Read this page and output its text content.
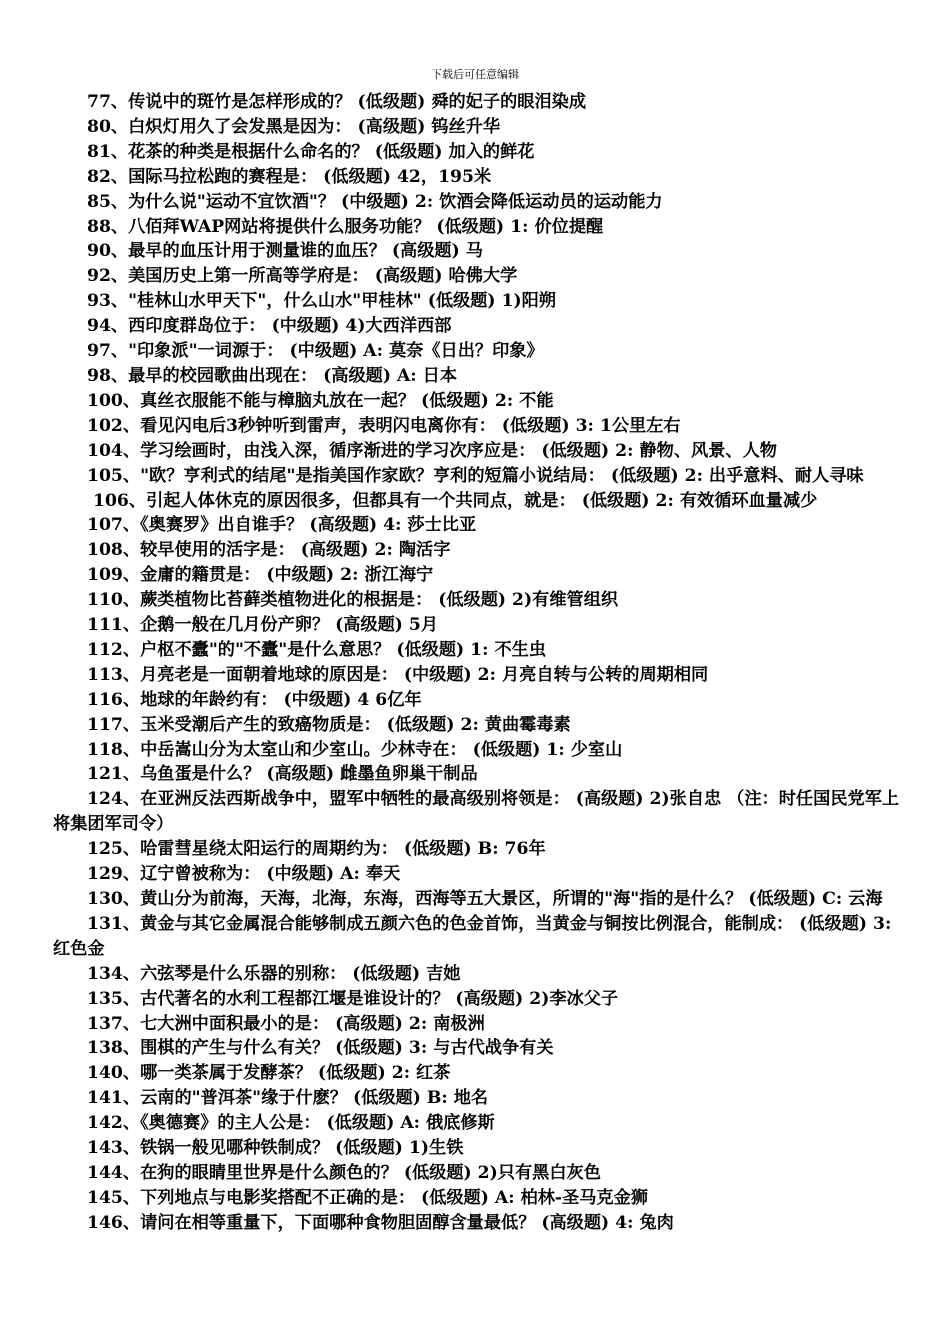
下载后可任意编辑

77、传说中的斑竹是怎样形成的？ (低级题) 舜的妃子的眼泪染成

80、白炽灯用久了会发黑是因为： (高级题) 钨丝升华

81、花茶的种类是根据什么命名的？ (低级题) 加入的鲜花

82、国际马拉松跑的赛程是： (低级题) 42，195米

85、为什么说"运动不宜饮酒"？ (中级题) 2: 饮酒会降低运动员的运动能力

88、八佰拜WAP网站将提供什么服务功能？ (低级题) 1: 价位提醒

90、最早的血压计用于测量谁的血压？ (高级题) 马

92、美国历史上第一所高等学府是： (高级题) 哈佛大学

93、"桂林山水甲天下"，什么山水"甲桂林" (低级题) 1)阳朔

94、西印度群岛位于： (中级题) 4)大西洋西部

97、"印象派"一词源于： (中级题) A: 莫奈《日出？印象》

98、最早的校园歌曲出现在： (高级题) A: 日本

100、真丝衣服能不能与樟脑丸放在一起？ (低级题) 2: 不能

102、看见闪电后3秒钟听到雷声，表明闪电离你有： (低级题) 3: 1公里左右

104、学习绘画时，由浅入深，循序渐进的学习次序应是： (低级题) 2: 静物、风景、人物

105、"欧？亨利式的结尾"是指美国作家欧？亨利的短篇小说结局： (低级题) 2: 出乎意料、耐人寻味

106、引起人体休克的原因很多，但都具有一个共同点，就是： (低级题) 2: 有效循环血量减少

107、《奥赛罗》出自谁手？ (高级题) 4: 莎士比亚

108、较早使用的活字是： (高级题) 2: 陶活字

109、金庸的籍贯是： (中级题) 2: 浙江海宁

110、蕨类植物比苔藓类植物进化的根据是： (低级题) 2)有维管组织

111、企鹅一般在几月份产卵？ (高级题) 5月

112、户枢不蠹"的"不蠹"是什么意思？ (低级题) 1: 不生虫

113、月亮老是一面朝着地球的原因是： (中级题) 2: 月亮自转与公转的周期相同

116、地球的年龄约有： (中级题) 4 6亿年

117、玉米受潮后产生的致癌物质是： (低级题) 2: 黄曲霉毒素

118、中岳嵩山分为太室山和少室山。少林寺在： (低级题) 1: 少室山

121、乌鱼蛋是什么？ (高级题) 雌墨鱼卵巢干制品

124、在亚洲反法西斯战争中，盟军中牺牲的最高级别将领是： (高级题) 2)张自忠 （注：时任国民党军上将集团军司令）

125、哈雷彗星绕太阳运行的周期约为： (低级题) B: 76年

129、辽宁曾被称为： (中级题) A: 奉天

130、黄山分为前海，天海，北海，东海，西海等五大景区，所谓的"海"指的是什么？ (低级题) C: 云海

131、黄金与其它金属混合能够制成五颜六色的色金首饰，当黄金与铜按比例混合，能制成： (低级题) 3: 红色金

134、六弦琴是什么乐器的别称： (低级题) 吉她

135、古代著名的水利工程都江堰是谁设计的？ (高级题) 2)李冰父子

137、七大洲中面积最小的是： (高级题) 2: 南极洲

138、围棋的产生与什么有关？ (低级题) 3: 与古代战争有关

140、哪一类茶属于发酵茶？ (低级题) 2: 红茶

141、云南的"普洱茶"缘于什麽？ (低级题) B: 地名

142、《奥德赛》的主人公是： (低级题) A: 俄底修斯

143、铁锅一般见哪种铁制成？ (低级题) 1)生铁

144、在狗的眼睛里世界是什么颜色的？ (低级题) 2)只有黑白灰色

145、下列地点与电影奖搭配不正确的是： (低级题) A: 柏林-圣马克金狮

146、请问在相等重量下，下面哪种食物胆固醇含量最低？ (高级题) 4: 兔肉
